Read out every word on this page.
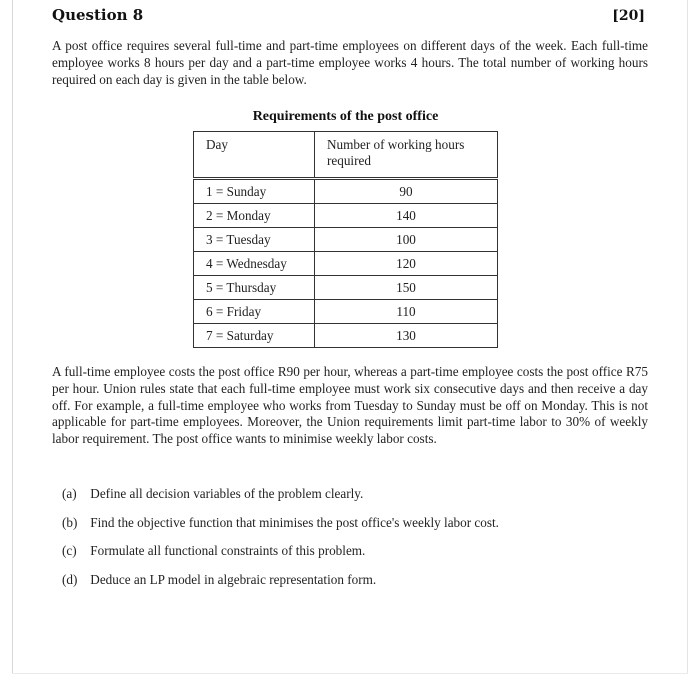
Question 8	[20]
A post office requires several full-time and part-time employees on different days of the week. Each full-time employee works 8 hours per day and a part-time employee works 4 hours. The total number of working hours required on each day is given in the table below.
Requirements of the post office
Day	Number of working hours required
1 = Sunday	90
2 = Monday	140
3 = Tuesday	100
4 = Wednesday	120
5 = Thursday	150
6 = Friday	110
7 = Saturday	130
A full-time employee costs the post office R90 per hour, whereas a part-time employee costs the post office R75 per hour. Union rules state that each full-time employee must work six consecutive days and then receive a day off. For example, a full-time employee who works from Tuesday to Sunday must be off on Monday. This is not applicable for part-time employees. Moreover, the Union requirements limit part-time labor to 30% of weekly labor requirement. The post office wants to minimise weekly labor costs.
(a) Define all decision variables of the problem clearly.
(b) Find the objective function that minimises the post office's weekly labor cost.
(c) Formulate all functional constraints of this problem.
(d) Deduce an LP model in algebraic representation form.
